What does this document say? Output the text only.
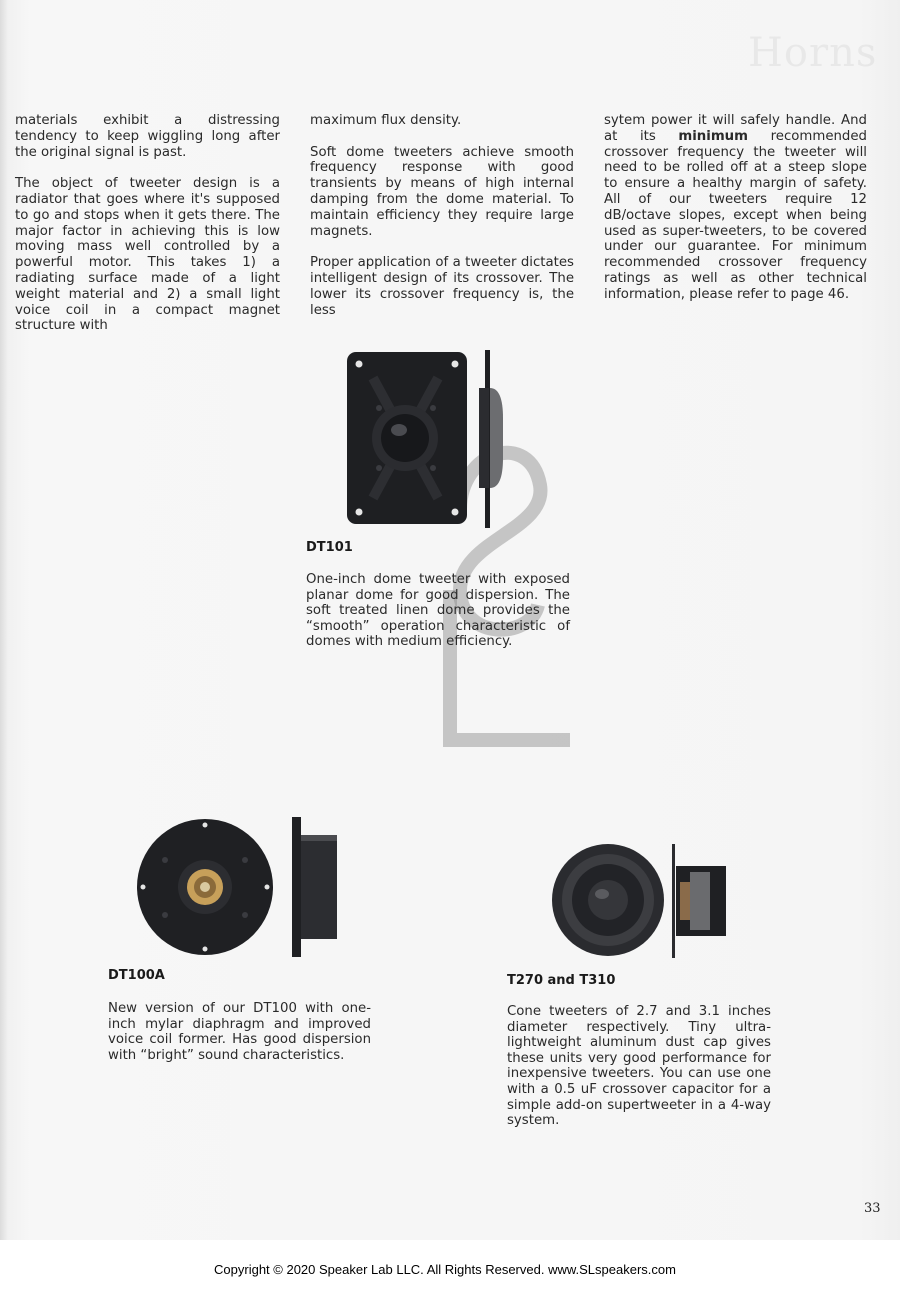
Horns

materials exhibit a distressing tendency to keep wiggling long after the original signal is past.

The object of tweeter design is a radiator that goes where it's supposed to go and stops when it gets there. The major factor in achieving this is low moving mass well controlled by a powerful motor. This takes 1) a radiating surface made of a light weight material and 2) a small light voice coil in a compact magnet structure with

maximum flux density.

Soft dome tweeters achieve smooth frequency response with good transients by means of high internal damping from the dome material. To maintain efficiency they require large magnets.

Proper application of a tweeter dictates intelligent design of its crossover. The lower its crossover frequency is, the less

sytem power it will safely handle. And at its minimum recommended crossover frequency the tweeter will need to be rolled off at a steep slope to ensure a healthy margin of safety. All of our tweeters require 12 dB/octave slopes, except when being used as super-tweeters, to be covered under our guarantee. For minimum recommended crossover frequency ratings as well as other technical information, please refer to page 46.

DT101
One-inch dome tweeter with exposed planar dome for good dispersion. The soft treated linen dome provides the “smooth” operation characteristic of domes with medium efficiency.
DT100A
New version of our DT100 with one-inch mylar diaphragm and improved voice coil former. Has good dispersion with “bright” sound characteristics.
T270 and T310
Cone tweeters of 2.7 and 3.1 inches diameter respectively. Tiny ultra-lightweight aluminum dust cap gives these units very good performance for inexpensive tweeters. You can use one with a 0.5 uF crossover capacitor for a simple add-on supertweeter in a 4-way system.
33
Copyright © 2020 Speaker Lab LLC. All Rights Reserved. www.SLspeakers.com
